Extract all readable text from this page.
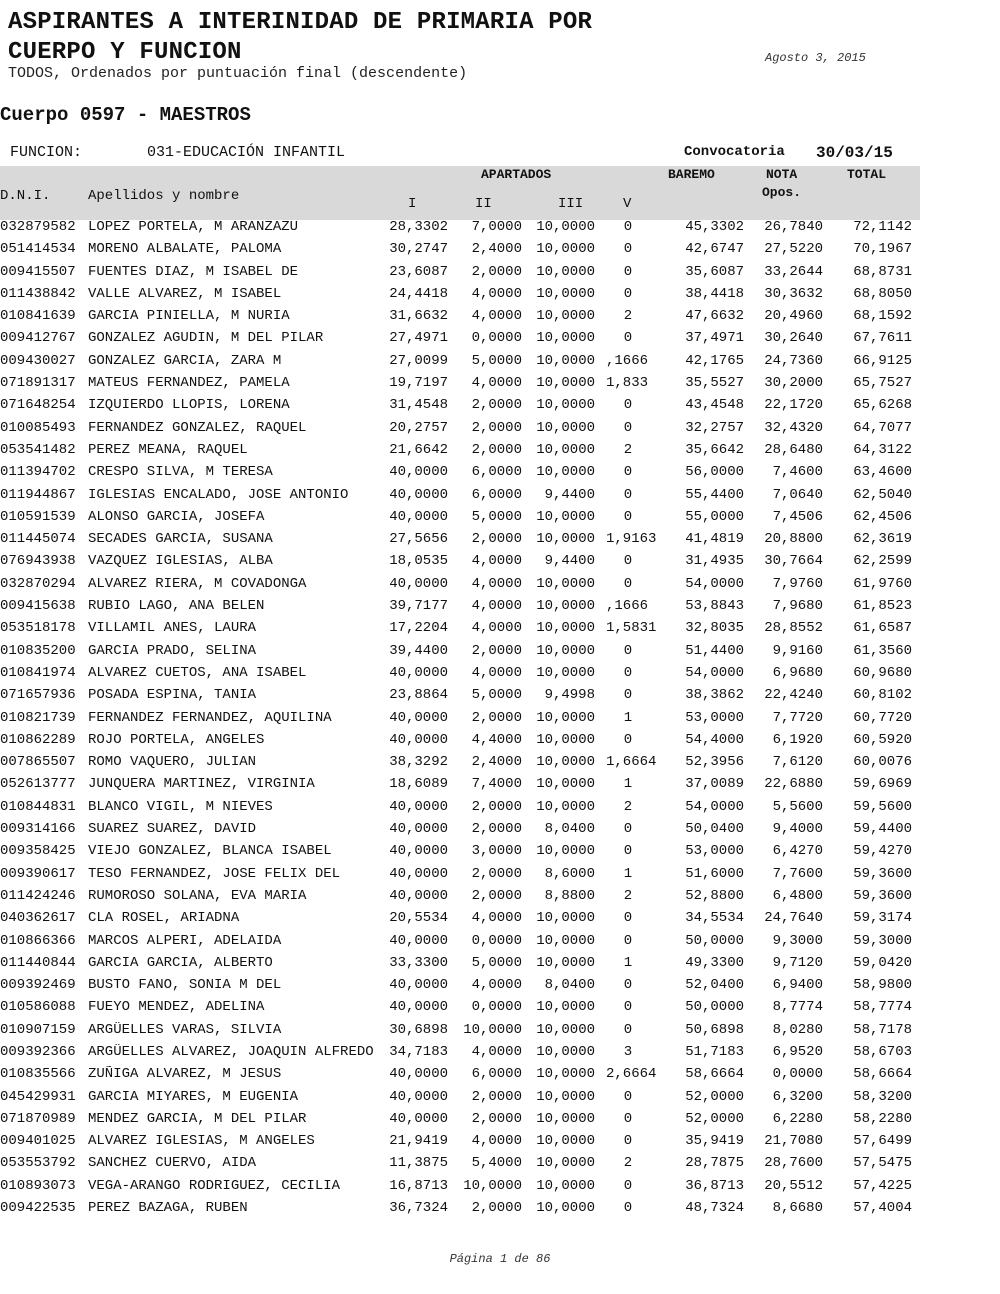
ASPIRANTES A INTERINIDAD DE PRIMARIA POR
CUERPO Y FUNCION	Agosto 3, 2015
TODOS, Ordenados por puntuación final (descendente)
Cuerpo 0597 - MAESTROS
FUNCION:	031-EDUCACIÓN INFANTIL	Convocatoria 30/03/15
APARTADOS	BAREMO	NOTA
Opos.
TOTAL
D.N.I.	Apellidos y nombre	I	II	III	V
032879582 LOPEZ PORTELA, M ARANZAZU	28,3302 7,0000 10,0000	0	45,3302 26,7840 72,1142
051414534 MORENO ALBALATE, PALOMA	30,2747 2,4000 10,0000	0	42,6747 27,5220 70,1967
009415507 FUENTES DIAZ, M ISABEL DE	23,6087 2,0000 10,0000	0	35,6087 33,2644 68,8731
011438842 VALLE ALVAREZ, M ISABEL	24,4418 4,0000 10,0000	0	38,4418 30,3632 68,8050
010841639 GARCIA PINIELLA, M NURIA	31,6632 4,0000 10,0000	2	47,6632 20,4960 68,1592
009412767 GONZALEZ AGUDIN, M DEL PILAR	27,4971 0,0000 10,0000	0	37,4971 30,2640 67,7611
009430027 GONZALEZ GARCIA, ZARA M	27,0099 5,0000 10,0000 ,1666	42,1765 24,7360 66,9125
071891317 MATEUS FERNANDEZ, PAMELA	19,7197 4,0000 10,0000 1,833	35,5527 30,2000 65,7527
071648254 IZQUIERDO LLOPIS, LORENA	31,4548 2,0000 10,0000	0	43,4548 22,1720 65,6268
010085493 FERNANDEZ GONZALEZ, RAQUEL	20,2757 2,0000 10,0000	0	32,2757 32,4320 64,7077
053541482 PEREZ MEANA, RAQUEL	21,6642 2,0000 10,0000	2	35,6642 28,6480 64,3122
011394702 CRESPO SILVA, M TERESA	40,0000 6,0000 10,0000	0	56,0000 7,4600 63,4600
011944867 IGLESIAS ENCALADO, JOSE ANTONIO	40,0000 6,0000 9,4400	0	55,4400 7,0640 62,5040
010591539 ALONSO GARCIA, JOSEFA	40,0000 5,0000 10,0000	0	55,0000 7,4506 62,4506
011445074 SECADES GARCIA, SUSANA	27,5656 2,0000 10,0000 1,9163 41,4819 20,8800 62,3619
076943938 VAZQUEZ IGLESIAS, ALBA	18,0535 4,0000 9,4400	0	31,4935 30,7664 62,2599
032870294 ALVAREZ RIERA, M COVADONGA	40,0000 4,0000 10,0000	0	54,0000 7,9760 61,9760
009415638 RUBIO LAGO, ANA BELEN	39,7177 4,0000 10,0000 ,1666	53,8843 7,9680 61,8523
053518178 VILLAMIL ANES, LAURA	17,2204 4,0000 10,0000 1,5831 32,8035 28,8552 61,6587
010835200 GARCIA PRADO, SELINA	39,4400 2,0000 10,0000	0	51,4400 9,9160 61,3560
010841974 ALVAREZ CUETOS, ANA ISABEL	40,0000 4,0000 10,0000	0	54,0000 6,9680 60,9680
071657936 POSADA ESPINA, TANIA	23,8864 5,0000 9,4998	0	38,3862 22,4240 60,8102
010821739 FERNANDEZ FERNANDEZ, AQUILINA	40,0000 2,0000 10,0000	1	53,0000 7,7720 60,7720
010862289 ROJO PORTELA, ANGELES	40,0000 4,4000 10,0000	0	54,4000 6,1920 60,5920
007865507 ROMO VAQUERO, JULIAN	38,3292 2,4000 10,0000 1,6664 52,3956 7,6120 60,0076
052613777 JUNQUERA MARTINEZ, VIRGINIA	18,6089 7,4000 10,0000	1	37,0089 22,6880 59,6969
010844831 BLANCO VIGIL, M NIEVES	40,0000 2,0000 10,0000	2	54,0000 5,5600 59,5600
009314166 SUAREZ SUAREZ, DAVID	40,0000 2,0000 8,0400	0	50,0400 9,4000 59,4400
009358425 VIEJO GONZALEZ, BLANCA ISABEL	40,0000 3,0000 10,0000	0	53,0000 6,4270 59,4270
009390617 TESO FERNANDEZ, JOSE FELIX DEL	40,0000 2,0000 8,6000	1	51,6000 7,7600 59,3600
011424246 RUMOROSO SOLANA, EVA MARIA	40,0000 2,0000 8,8800	2	52,8800 6,4800 59,3600
040362617 CLA ROSEL, ARIADNA	20,5534 4,0000 10,0000	0	34,5534 24,7640 59,3174
010866366 MARCOS ALPERI, ADELAIDA	40,0000 0,0000 10,0000	0	50,0000 9,3000 59,3000
011440844 GARCIA GARCIA, ALBERTO	33,3300 5,0000 10,0000	1	49,3300 9,7120 59,0420
009392469 BUSTO FANO, SONIA M DEL	40,0000 4,0000 8,0400	0	52,0400 6,9400 58,9800
010586088 FUEYO MENDEZ, ADELINA	40,0000 0,0000 10,0000	0	50,0000 8,7774 58,7774
010907159 ARGÜELLES VARAS, SILVIA	30,6898 10,0000 10,0000	0	50,6898 8,0280 58,7178
009392366 ARGÜELLES ALVAREZ, JOAQUIN ALFREDO	34,7183 4,0000 10,0000	3	51,7183 6,9520 58,6703
010835566 ZUÑIGA ALVAREZ, M JESUS	40,0000 6,0000 10,0000 2,6664 58,6664 0,0000 58,6664
045429931 GARCIA MIYARES, M EUGENIA	40,0000 2,0000 10,0000	0	52,0000 6,3200 58,3200
071870989 MENDEZ GARCIA, M DEL PILAR	40,0000 2,0000 10,0000	0	52,0000 6,2280 58,2280
009401025 ALVAREZ IGLESIAS, M ANGELES	21,9419 4,0000 10,0000	0	35,9419 21,7080 57,6499
053553792 SANCHEZ CUERVO, AIDA	11,3875 5,4000 10,0000	2	28,7875 28,7600 57,5475
010893073 VEGA-ARANGO RODRIGUEZ, CECILIA	16,8713 10,0000 10,0000	0	36,8713 20,5512 57,4225
009422535 PEREZ BAZAGA, RUBEN	36,7324 2,0000 10,0000	0	48,7324 8,6680 57,4004
Página 1 de 86
